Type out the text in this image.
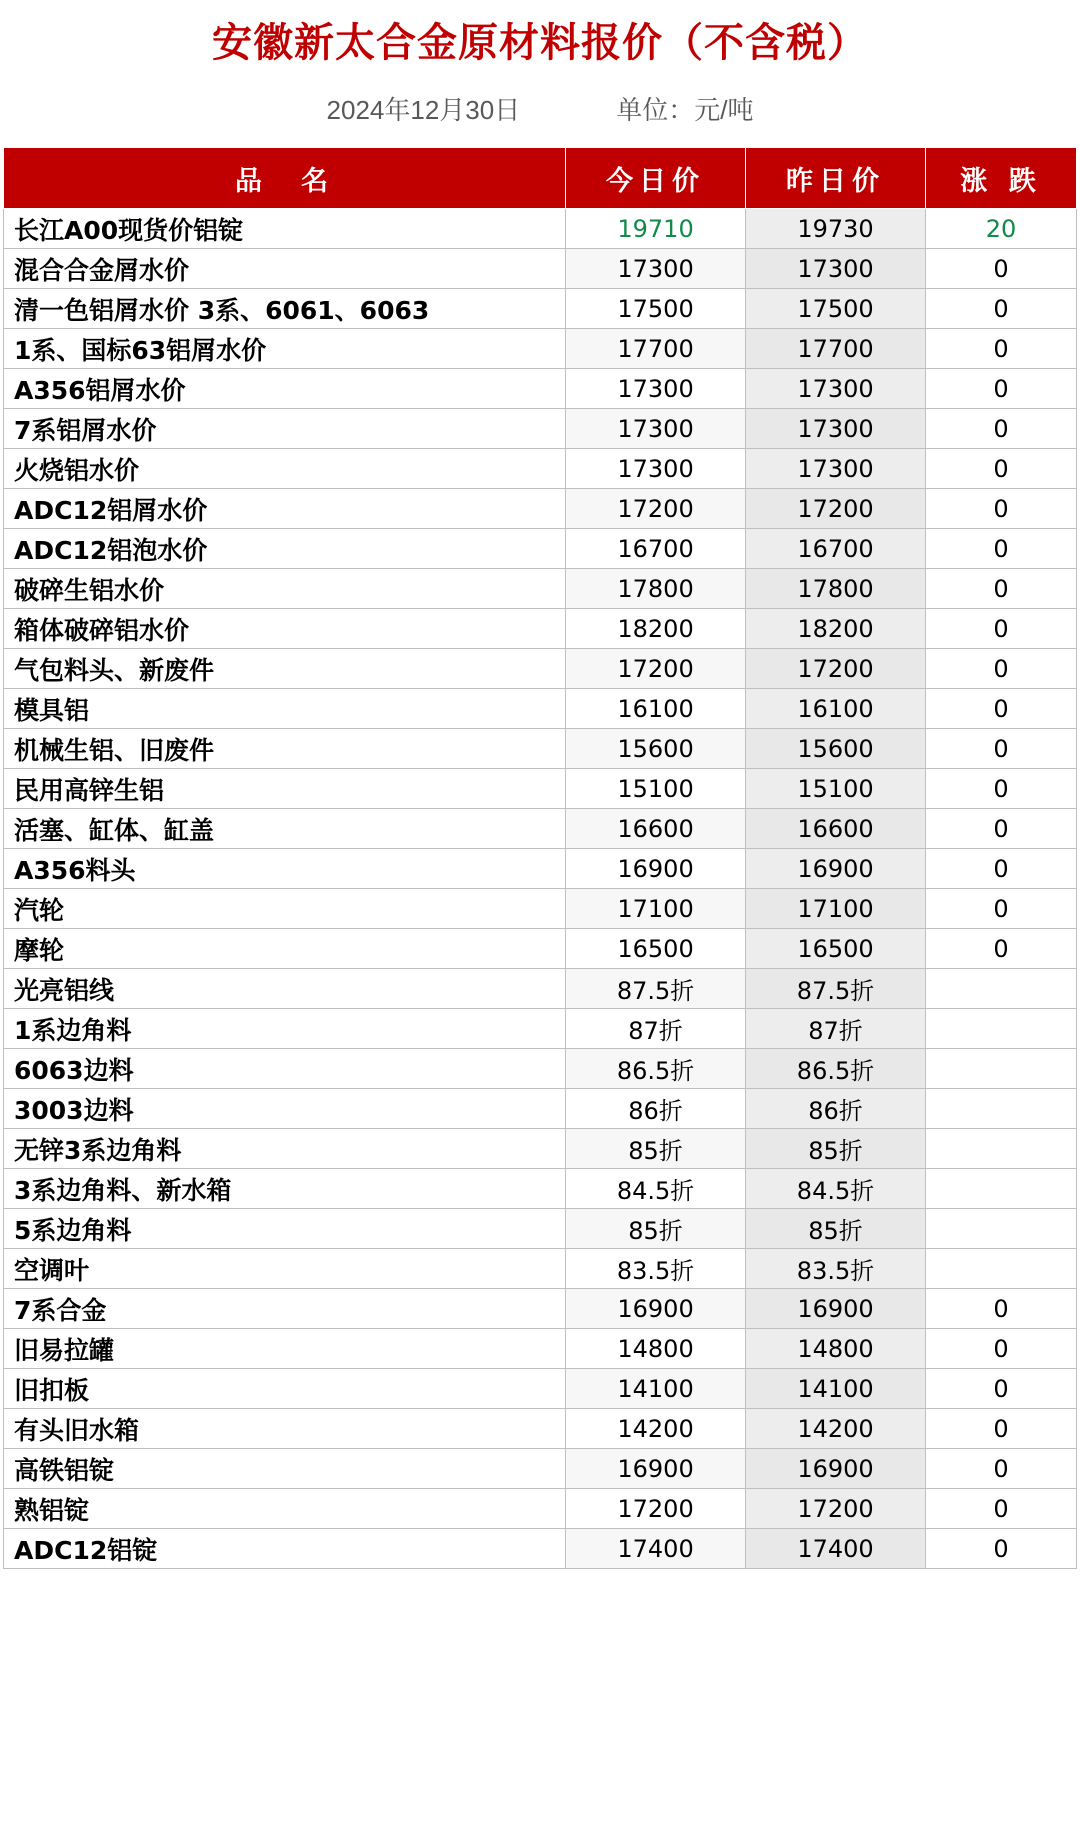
安徽新太合金原材料报价（不含税）
2024年12月30日	单位：元/吨
品　名	今日价	昨日价	涨 跌
长江A00现货价铝锭	19710	19730	20
混合合金屑水价	17300	17300	0
清一色铝屑水价 3系、6061、6063	17500	17500	0
1系、国标63铝屑水价	17700	17700	0
A356铝屑水价	17300	17300	0
7系铝屑水价	17300	17300	0
火烧铝水价	17300	17300	0
ADC12铝屑水价	17200	17200	0
ADC12铝泡水价	16700	16700	0
破碎生铝水价	17800	17800	0
箱体破碎铝水价	18200	18200	0
气包料头、新废件	17200	17200	0
模具铝	16100	16100	0
机械生铝、旧废件	15600	15600	0
民用高锌生铝	15100	15100	0
活塞、缸体、缸盖	16600	16600	0
A356料头	16900	16900	0
汽轮	17100	17100	0
摩轮	16500	16500	0
光亮铝线	87.5折	87.5折	
1系边角料	87折	87折	
6063边料	86.5折	86.5折	
3003边料	86折	86折	
无锌3系边角料	85折	85折	
3系边角料、新水箱	84.5折	84.5折	
5系边角料	85折	85折	
空调叶	83.5折	83.5折	
7系合金	16900	16900	0
旧易拉罐	14800	14800	0
旧扣板	14100	14100	0
有头旧水箱	14200	14200	0
高铁铝锭	16900	16900	0
熟铝锭	17200	17200	0
ADC12铝锭	17400	17400	0
